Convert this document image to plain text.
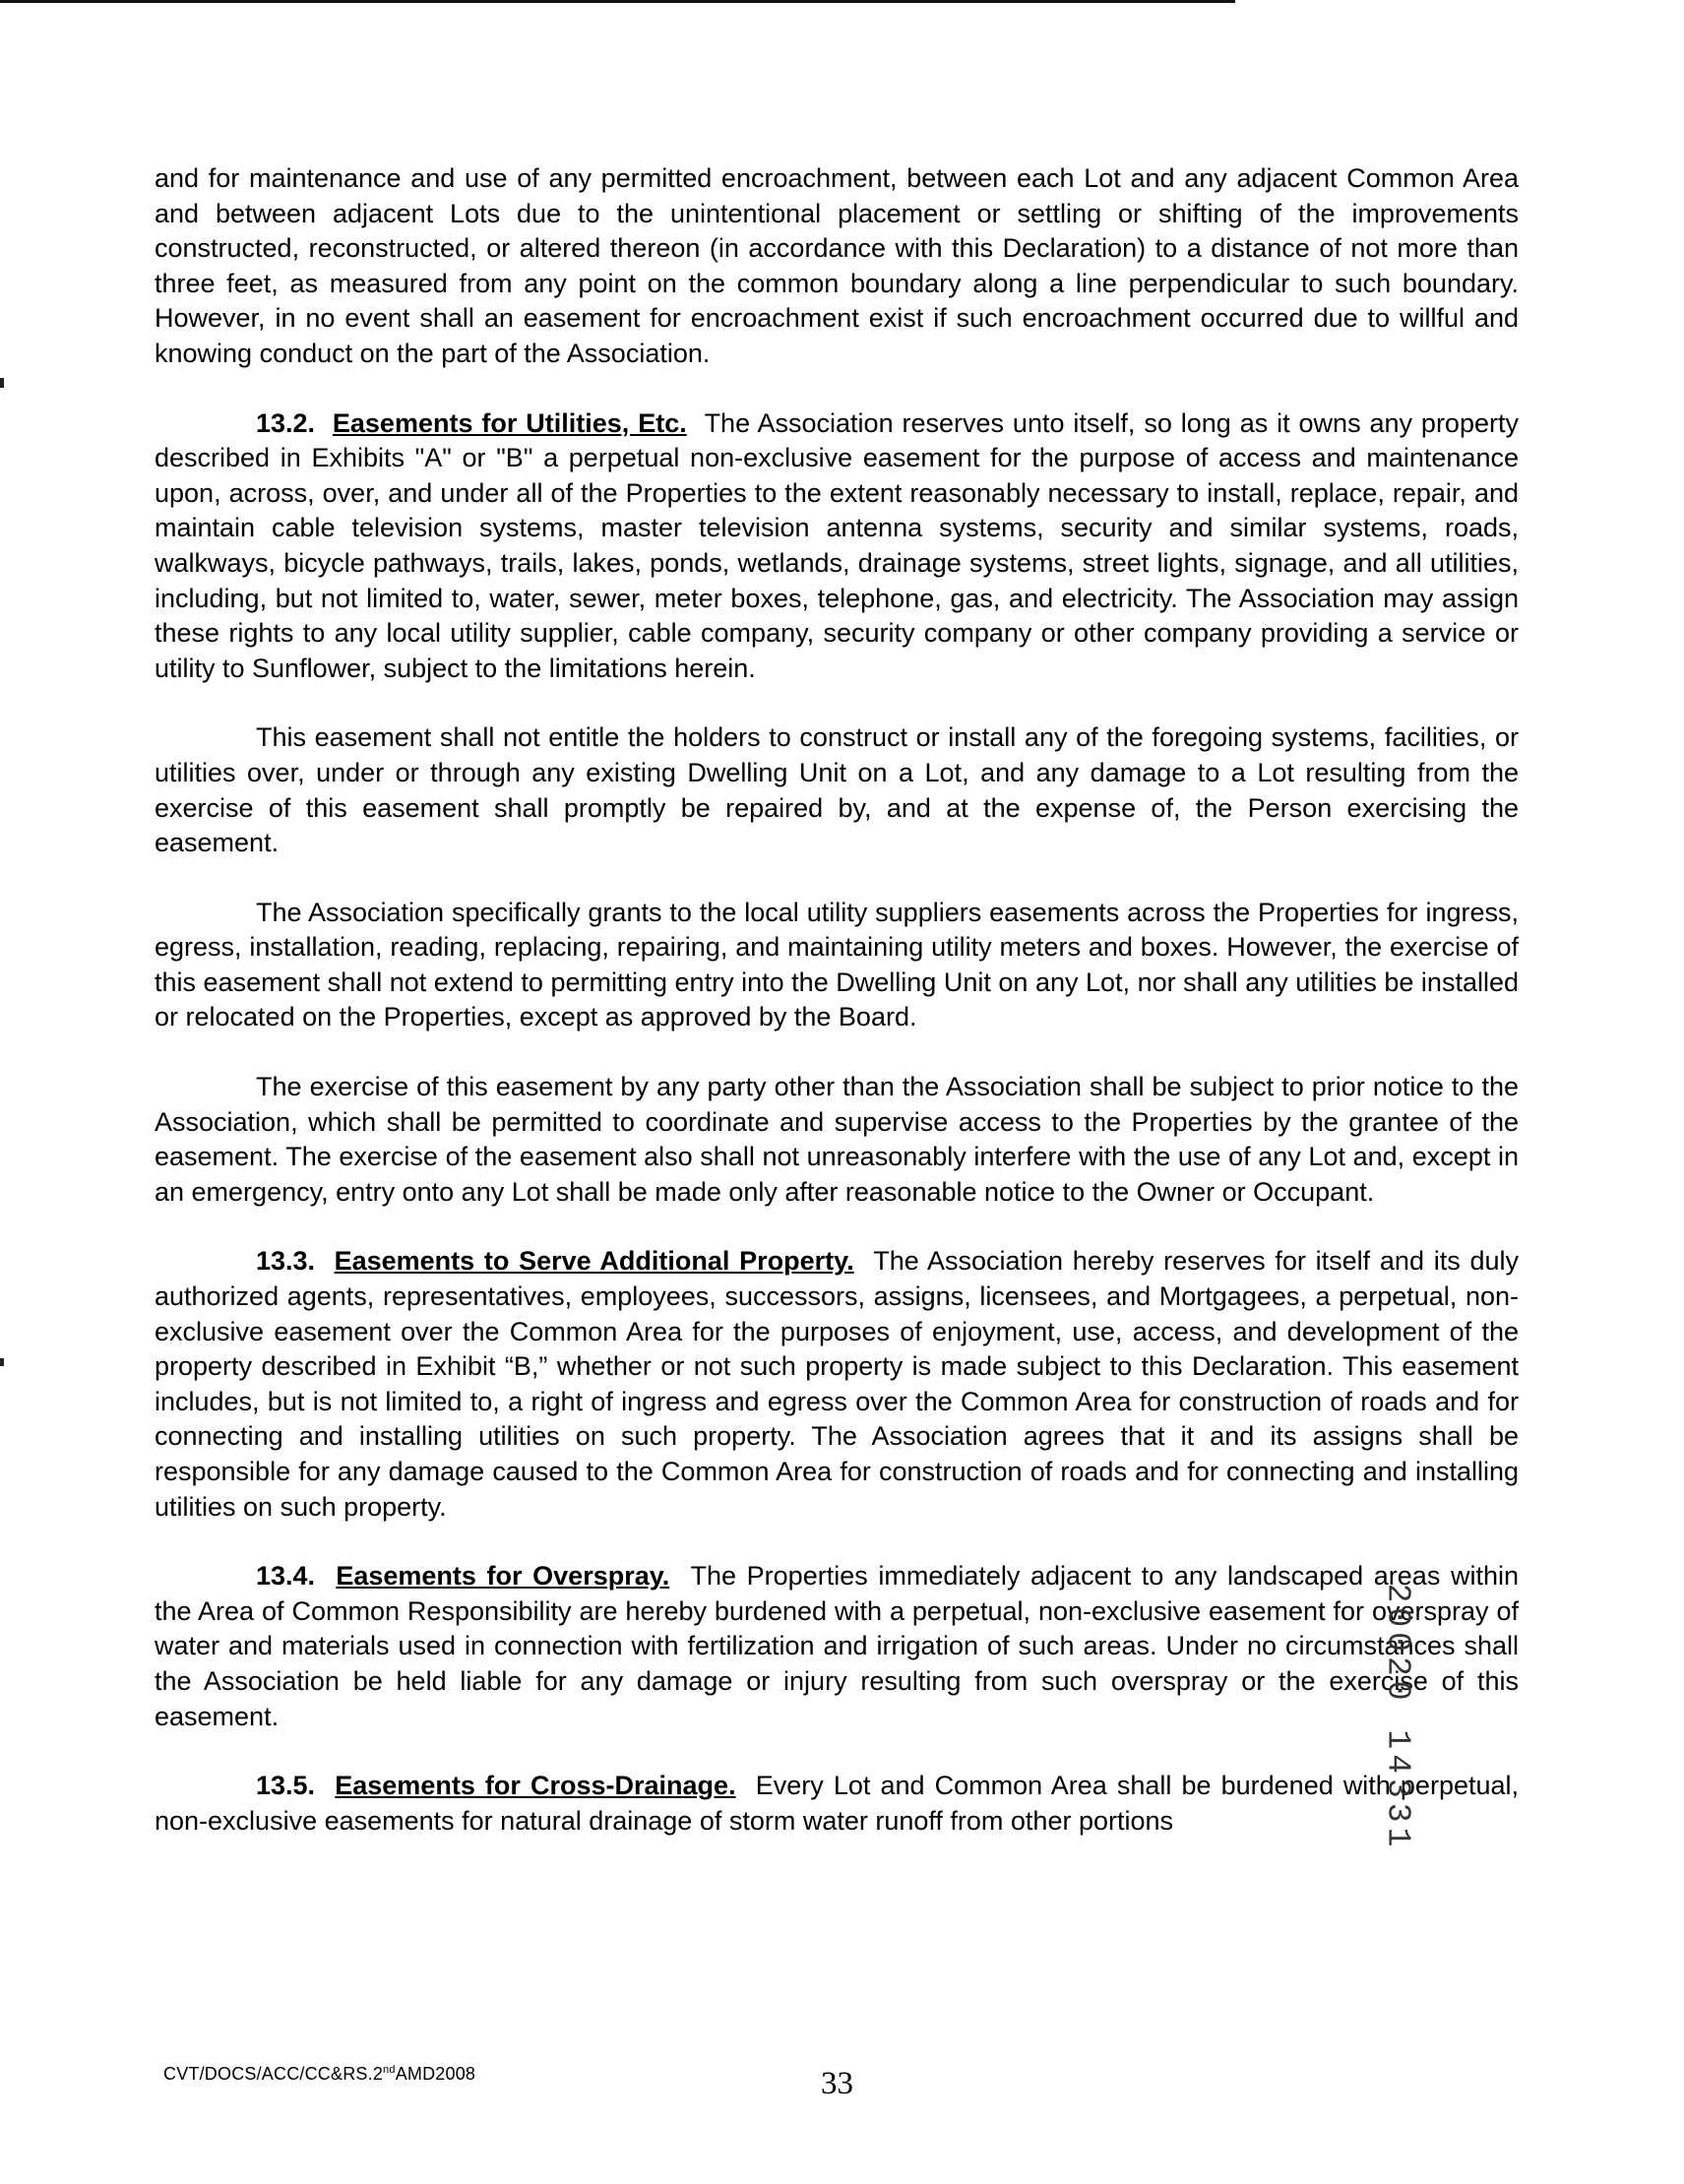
and for maintenance and use of any permitted encroachment, between each Lot and any adjacent Common Area and between adjacent Lots due to the unintentional placement or settling or shifting of the improvements constructed, reconstructed, or altered thereon (in accordance with this Declaration) to a distance of not more than three feet, as measured from any point on the common boundary along a line perpendicular to such boundary. However, in no event shall an easement for encroachment exist if such encroachment occurred due to willful and knowing conduct on the part of the Association.

13.2. Easements for Utilities, Etc. The Association reserves unto itself, so long as it owns any property described in Exhibits "A" or "B" a perpetual non-exclusive easement for the purpose of access and maintenance upon, across, over, and under all of the Properties to the extent reasonably necessary to install, replace, repair, and maintain cable television systems, master television antenna systems, security and similar systems, roads, walkways, bicycle pathways, trails, lakes, ponds, wetlands, drainage systems, street lights, signage, and all utilities, including, but not limited to, water, sewer, meter boxes, telephone, gas, and electricity. The Association may assign these rights to any local utility supplier, cable company, security company or other company providing a service or utility to Sunflower, subject to the limitations herein.

This easement shall not entitle the holders to construct or install any of the foregoing systems, facilities, or utilities over, under or through any existing Dwelling Unit on a Lot, and any damage to a Lot resulting from the exercise of this easement shall promptly be repaired by, and at the expense of, the Person exercising the easement.

The Association specifically grants to the local utility suppliers easements across the Properties for ingress, egress, installation, reading, replacing, repairing, and maintaining utility meters and boxes. However, the exercise of this easement shall not extend to permitting entry into the Dwelling Unit on any Lot, nor shall any utilities be installed or relocated on the Properties, except as approved by the Board.

The exercise of this easement by any party other than the Association shall be subject to prior notice to the Association, which shall be permitted to coordinate and supervise access to the Properties by the grantee of the easement. The exercise of the easement also shall not unreasonably interfere with the use of any Lot and, except in an emergency, entry onto any Lot shall be made only after reasonable notice to the Owner or Occupant.

13.3. Easements to Serve Additional Property. The Association hereby reserves for itself and its duly authorized agents, representatives, employees, successors, assigns, licensees, and Mortgagees, a perpetual, non-exclusive easement over the Common Area for the purposes of enjoyment, use, access, and development of the property described in Exhibit “B,” whether or not such property is made subject to this Declaration. This easement includes, but is not limited to, a right of ingress and egress over the Common Area for construction of roads and for connecting and installing utilities on such property. The Association agrees that it and its assigns shall be responsible for any damage caused to the Common Area for construction of roads and for connecting and installing utilities on such property.

13.4. Easements for Overspray. The Properties immediately adjacent to any landscaped areas within the Area of Common Responsibility are hereby burdened with a perpetual, non-exclusive easement for overspray of water and materials used in connection with fertilization and irrigation of such areas. Under no circumstances shall the Association be held liable for any damage or injury resulting from such overspray or the exercise of this easement.

13.5. Easements for Cross-Drainage. Every Lot and Common Area shall be burdened with perpetual, non-exclusive easements for natural drainage of storm water runoff from other portions

CVT/DOCS/ACC/CC&RS.2ndAMD2008	33
20020 14331
